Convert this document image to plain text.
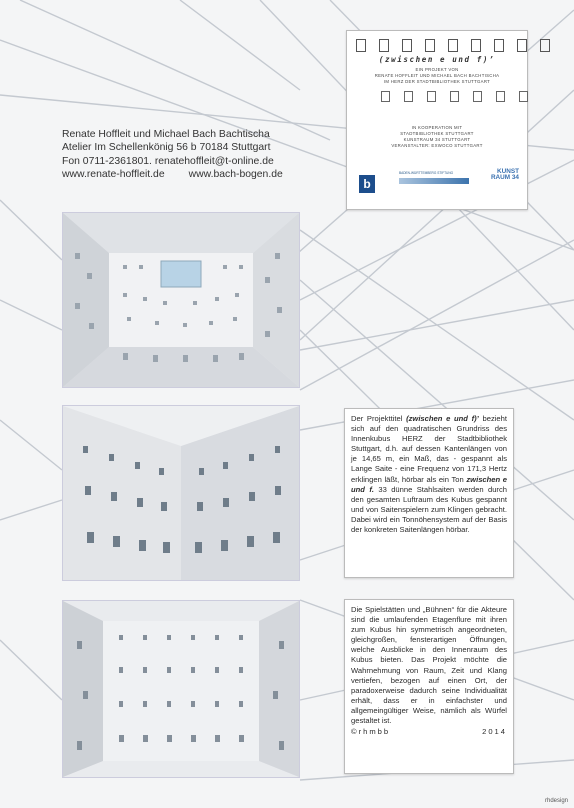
Renate Hoffleit und Michael Bach Bachtischa
Atelier Im Schellenkönig 56 b 70184 Stuttgart
Fon 0711-2361801. renatehoffleit@t-online.de
www.renate-hoffleit.de www.bach-bogen.de
(zwischen e und f)’
EIN PROJEKT VON
RENATE HOFFLEIT UND MICHAEL BACH BACHTISCHA
IM HERZ DER STADTBIBLIOTHEK STUTTGART
IN KOOPERATION MIT
STADTBIBLIOTHEK STUTTGART
KUNSTRAUM 34 STUTTGART
VERANSTALTER: EXWOCO STUTTGART
b
BADEN-WÜRTTEMBERG STIFTUNG	KUNST RAUM 34
Der Projekttitel (zwischen e und f)’ bezieht sich auf den quadratischen Grundriss des Innenkubus HERZ der Stadtbibliothek Stuttgart, d.h. auf dessen Kantenlängen von je 14,65 m, ein Maß, das - gespannt als Lange Saite - eine Frequenz von 171,3 Hertz erklingen läßt, hörbar als ein Ton zwischen e und f. 33 dünne Stahlsaiten werden durch den gesamten Luftraum des Kubus gespannt und von Saitenspielern zum Klingen gebracht. Dabei wird ein Tonnöhensystem auf der Basis der konkreten Saitenlängen hörbar.
Die Spielstätten und „Bühnen“ für die Akteure sind die umlaufenden Etagenflure mit ihren zum Kubus hin symmetrisch angeordneten, gleichgroßen, fensterartigen Öffnungen, welche Ausblicke in den Innenraum des Kubus bieten. Das Projekt möchte die Wahrnehmung von Raum, Zeit und Klang vertiefen, bezogen auf einen Ort, der paradoxerweise dadurch seine Individualität erhält, dass er in einfachster und allgemeingültiger Weise, nämlich als Würfel gestaltet ist.
©rhmbb	2014
rhdesign
